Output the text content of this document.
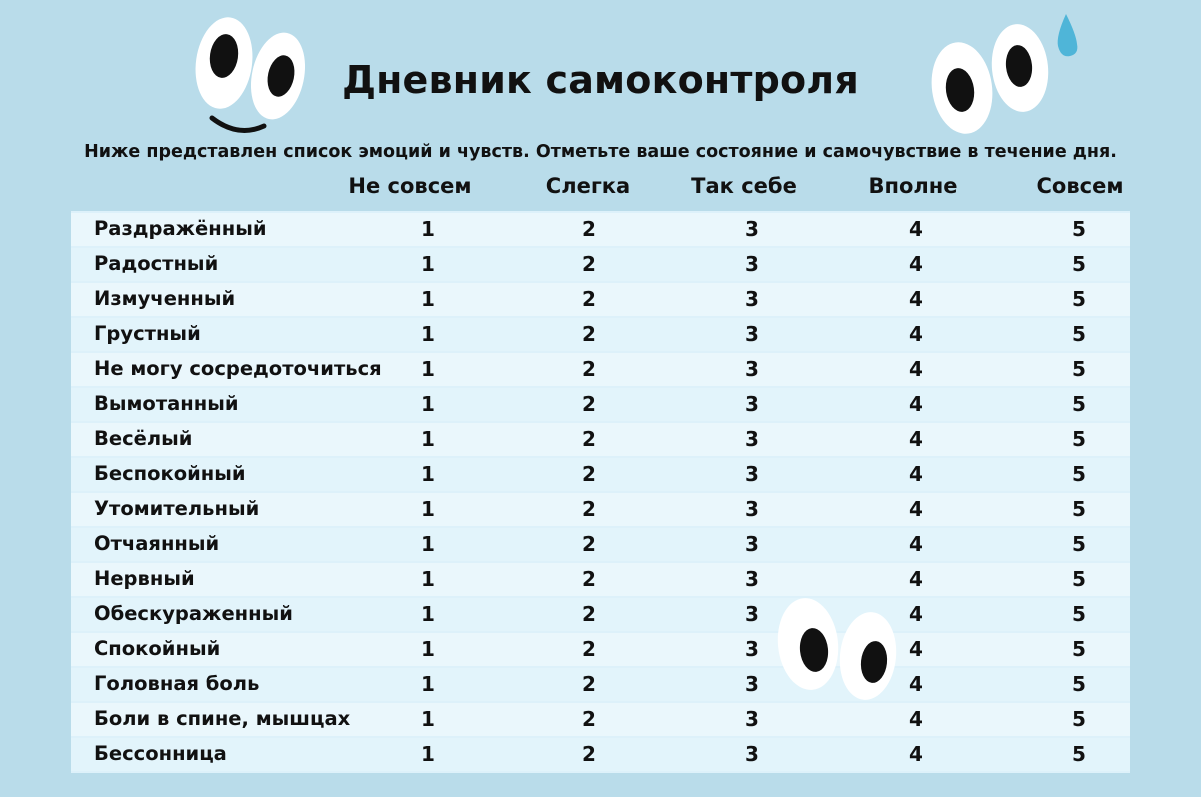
Дневник самоконтроля
Ниже представлен список эмоций и чувств. Отметьте ваше состояние и самочувствие в течение дня.
Не совсем	Слегка	Так себе	Вполне	Совсем
Раздражённый	1	2	3	4	5
Радостный	1	2	3	4	5
Измученный	1	2	3	4	5
Грустный	1	2	3	4	5
Не могу сосредоточиться 1	2	3	4	5
Вымотанный	1	2	3	4	5
Весёлый	1	2	3	4	5
Беспокойный	1	2	3	4	5
Утомительный	1	2	3	4	5
Отчаянный	1	2	3	4	5
Нервный	1	2	3	4	5
Обескураженный	1	2	3	4	5
Спокойный	1	2	3	4	5
Головная боль	1	2	3	4	5
Боли в спине, мышцах	1	2	3	4	5
Бессонница	1	2	3	4	5
